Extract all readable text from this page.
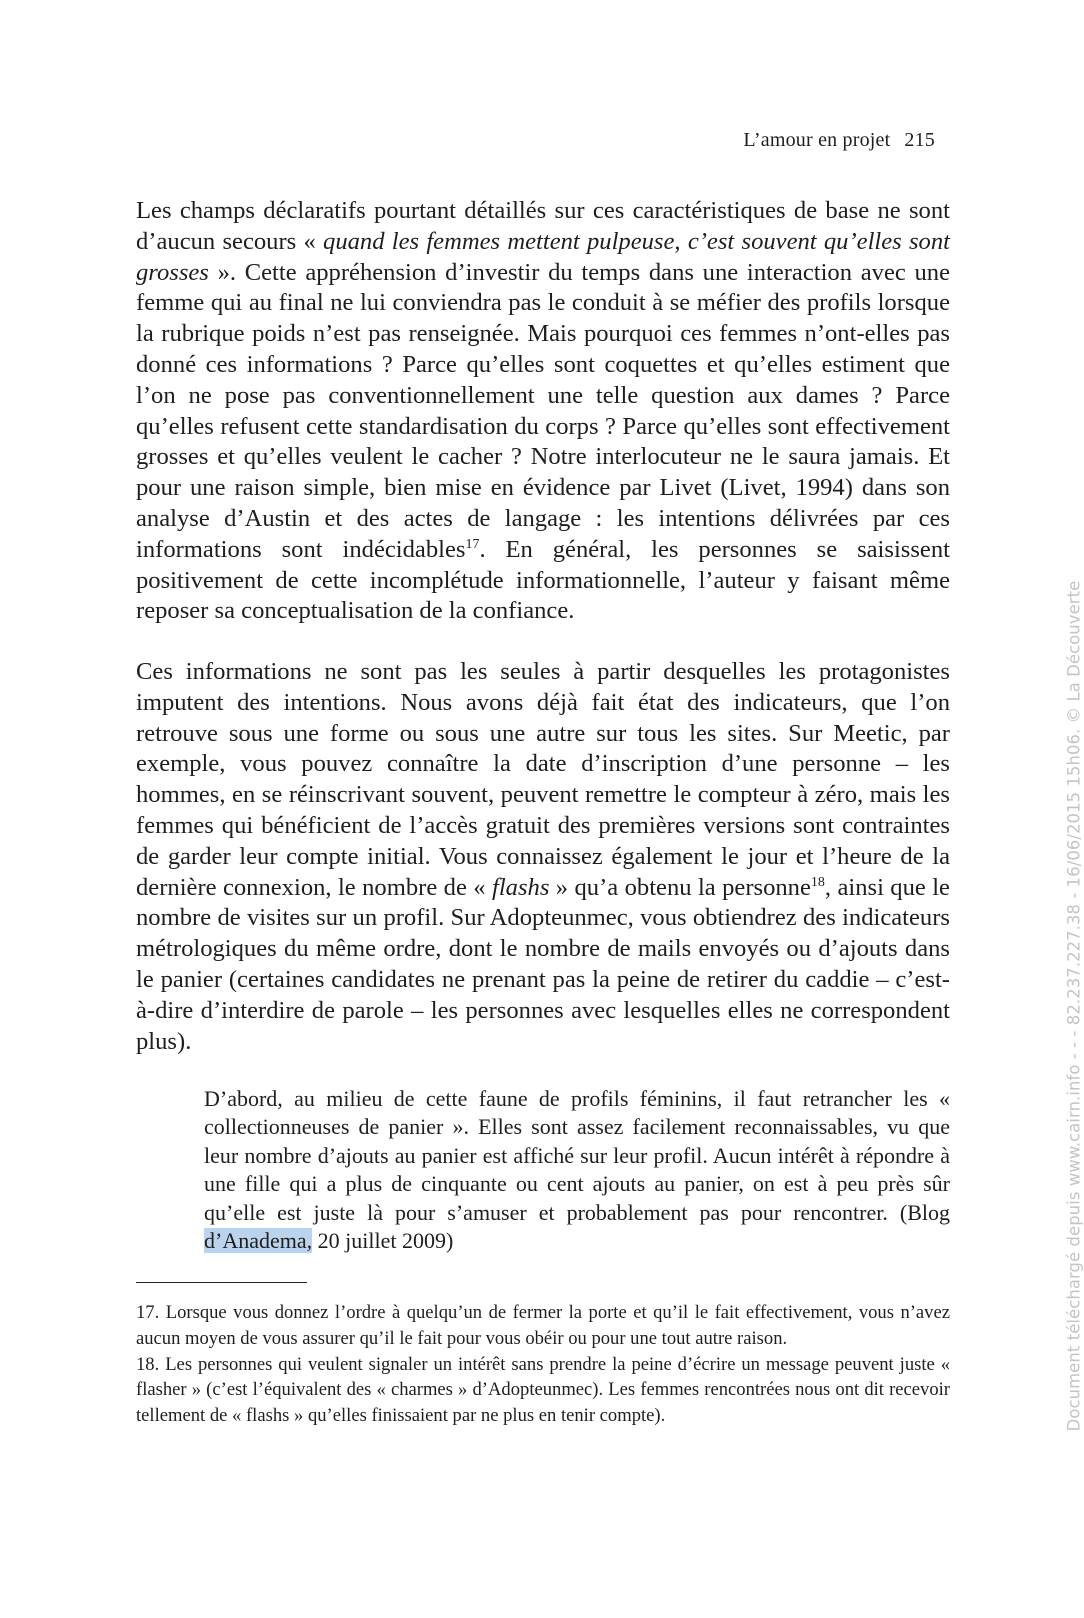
L’amour en projet 215

Les champs déclaratifs pourtant détaillés sur ces caractéristiques de base ne sont d’aucun secours « quand les femmes mettent pulpeuse, c’est souvent qu’elles sont grosses ». Cette appréhension d’investir du temps dans une interaction avec une femme qui au final ne lui conviendra pas le conduit à se méfier des profils lorsque la rubrique poids n’est pas renseignée. Mais pourquoi ces femmes n’ont-elles pas donné ces informations ? Parce qu’elles sont coquettes et qu’elles estiment que l’on ne pose pas conventionnellement une telle question aux dames ? Parce qu’elles refusent cette standardisation du corps ? Parce qu’elles sont effectivement grosses et qu’elles veulent le cacher ? Notre interlocuteur ne le saura jamais. Et pour une raison simple, bien mise en évidence par Livet (Livet, 1994) dans son analyse d’Austin et des actes de langage : les intentions délivrées par ces informations sont indécidables$^{17}$. En général, les personnes se saisissent positivement de cette incomplétude informationnelle, l’auteur y faisant même reposer sa conceptualisation de la confiance.

Ces informations ne sont pas les seules à partir desquelles les protagonistes imputent des intentions. Nous avons déjà fait état des indicateurs, que l’on retrouve sous une forme ou sous une autre sur tous les sites. Sur Meetic, par exemple, vous pouvez connaître la date d’inscription d’une personne – les hommes, en se réinscrivant souvent, peuvent remettre le compteur à zéro, mais les femmes qui bénéficient de l’accès gratuit des premières versions sont contraintes de garder leur compte initial. Vous connaissez également le jour et l’heure de la dernière connexion, le nombre de « flashs » qu’a obtenu la personne$^{18}$, ainsi que le nombre de visites sur un profil. Sur Adopteunmec, vous obtiendrez des indicateurs métrologiques du même ordre, dont le nombre de mails envoyés ou d’ajouts dans le panier (certaines candidates ne prenant pas la peine de retirer du caddie – c’est-à-dire d’interdire de parole – les personnes avec lesquelles elles ne correspondent plus).

D’abord, au milieu de cette faune de profils féminins, il faut retrancher les « collectionneuses de panier ». Elles sont assez facilement reconnaissables, vu que leur nombre d’ajouts au panier est affiché sur leur profil. Aucun intérêt à répondre à une fille qui a plus de cinquante ou cent ajouts au panier, on est à peu près sûr qu’elle est juste là pour s’amuser et probablement pas pour rencontrer. (Blog d’Anadema, 20 juillet 2009)

17. Lorsque vous donnez l’ordre à quelqu’un de fermer la porte et qu’il le fait effectivement, vous n’avez aucun moyen de vous assurer qu’il le fait pour vous obéir ou pour une tout autre raison.

18. Les personnes qui veulent signaler un intérêt sans prendre la peine d’écrire un message peuvent juste « flasher » (c’est l’équivalent des « charmes » d’Adopteunmec). Les femmes rencontrées nous ont dit recevoir tellement de « flashs » qu’elles finissaient par ne plus en tenir compte).	Document téléchargé depuis www.cairn.info - - - 82.237.227.38 - 16/06/2015 15h06. © La Découverte
